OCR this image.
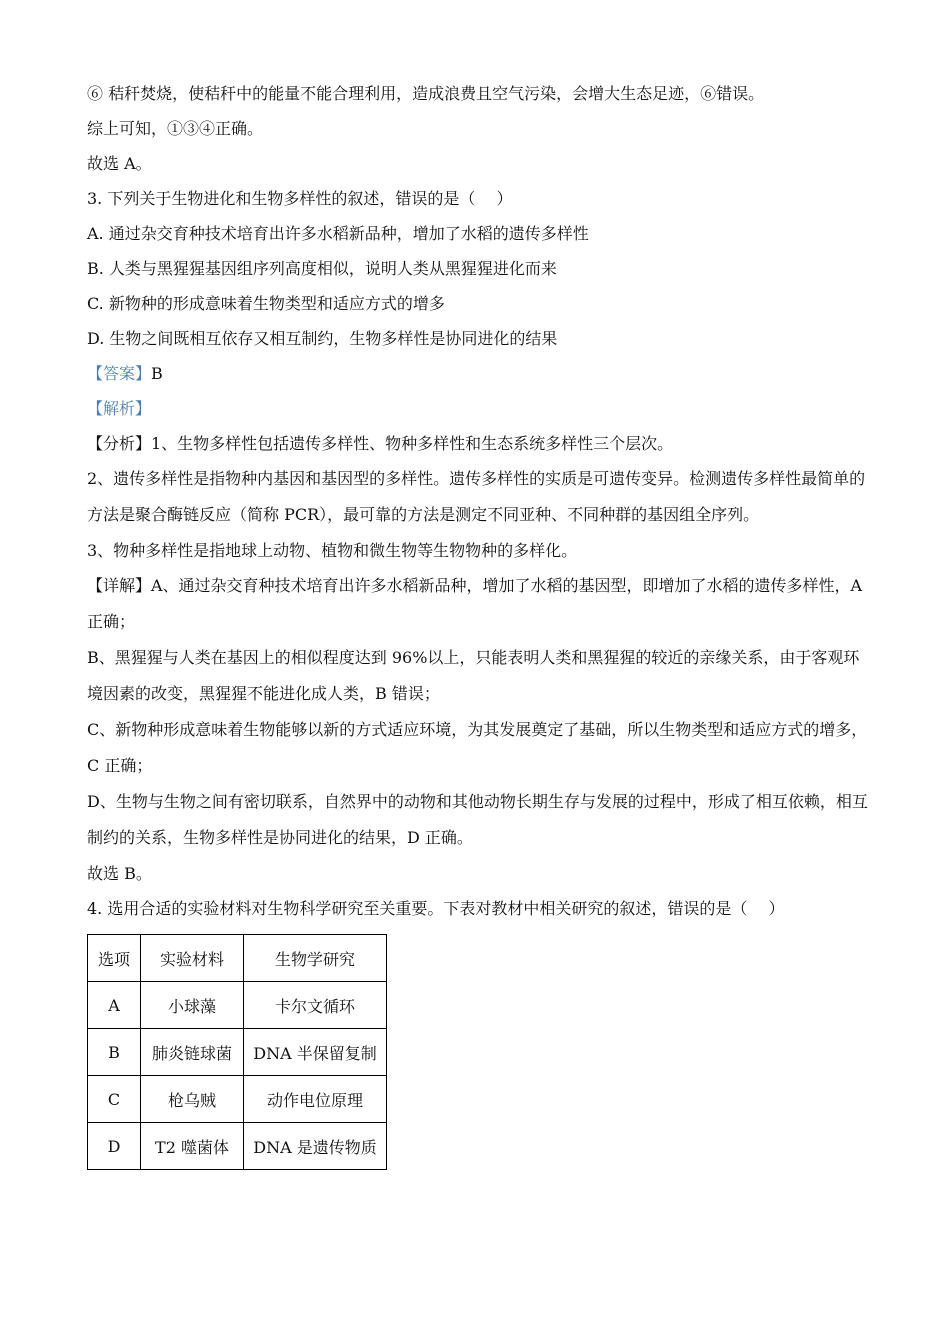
⑥ 秸秆焚烧，使秸秆中的能量不能合理利用，造成浪费且空气污染，会增大生态足迹，⑥错误。
综上可知，①③④正确。
故选 A。
3. 下列关于生物进化和生物多样性的叙述，错误的是（　 ）
A. 通过杂交育种技术培育出许多水稻新品种，增加了水稻的遗传多样性
B. 人类与黑猩猩基因组序列高度相似，说明人类从黑猩猩进化而来
C. 新物种的形成意味着生物类型和适应方式的增多
D. 生物之间既相互依存又相互制约，生物多样性是协同进化的结果
【答案】B
【解析】
【分析】1、生物多样性包括遗传多样性、物种多样性和生态系统多样性三个层次。
2、遗传多样性是指物种内基因和基因型的多样性。遗传多样性的实质是可遗传变异。检测遗传多样性最简单的方法是聚合酶链反应（简称 PCR），最可靠的方法是测定不同亚种、不同种群的基因组全序列。
3、物种多样性是指地球上动物、植物和微生物等生物物种的多样化。
【详解】A、通过杂交育种技术培育出许多水稻新品种，增加了水稻的基因型，即增加了水稻的遗传多样性，A 正确；
B、黑猩猩与人类在基因上的相似程度达到 96%以上，只能表明人类和黑猩猩的较近的亲缘关系，由于客观环境因素的改变，黑猩猩不能进化成人类，B 错误；
C、新物种形成意味着生物能够以新的方式适应环境，为其发展奠定了基础，所以生物类型和适应方式的增多，C 正确；
D、生物与生物之间有密切联系，自然界中的动物和其他动物长期生存与发展的过程中，形成了相互依赖，相互制约的关系，生物多样性是协同进化的结果，D 正确。
故选 B。
4. 选用合适的实验材料对生物科学研究至关重要。下表对教材中相关研究的叙述，错误的是（　 ）
选项	实验材料	生物学研究
A	小球藻	卡尔文循环
B	肺炎链球菌	DNA 半保留复制
C	枪乌贼	动作电位原理
D	T2 噬菌体	DNA 是遗传物质
